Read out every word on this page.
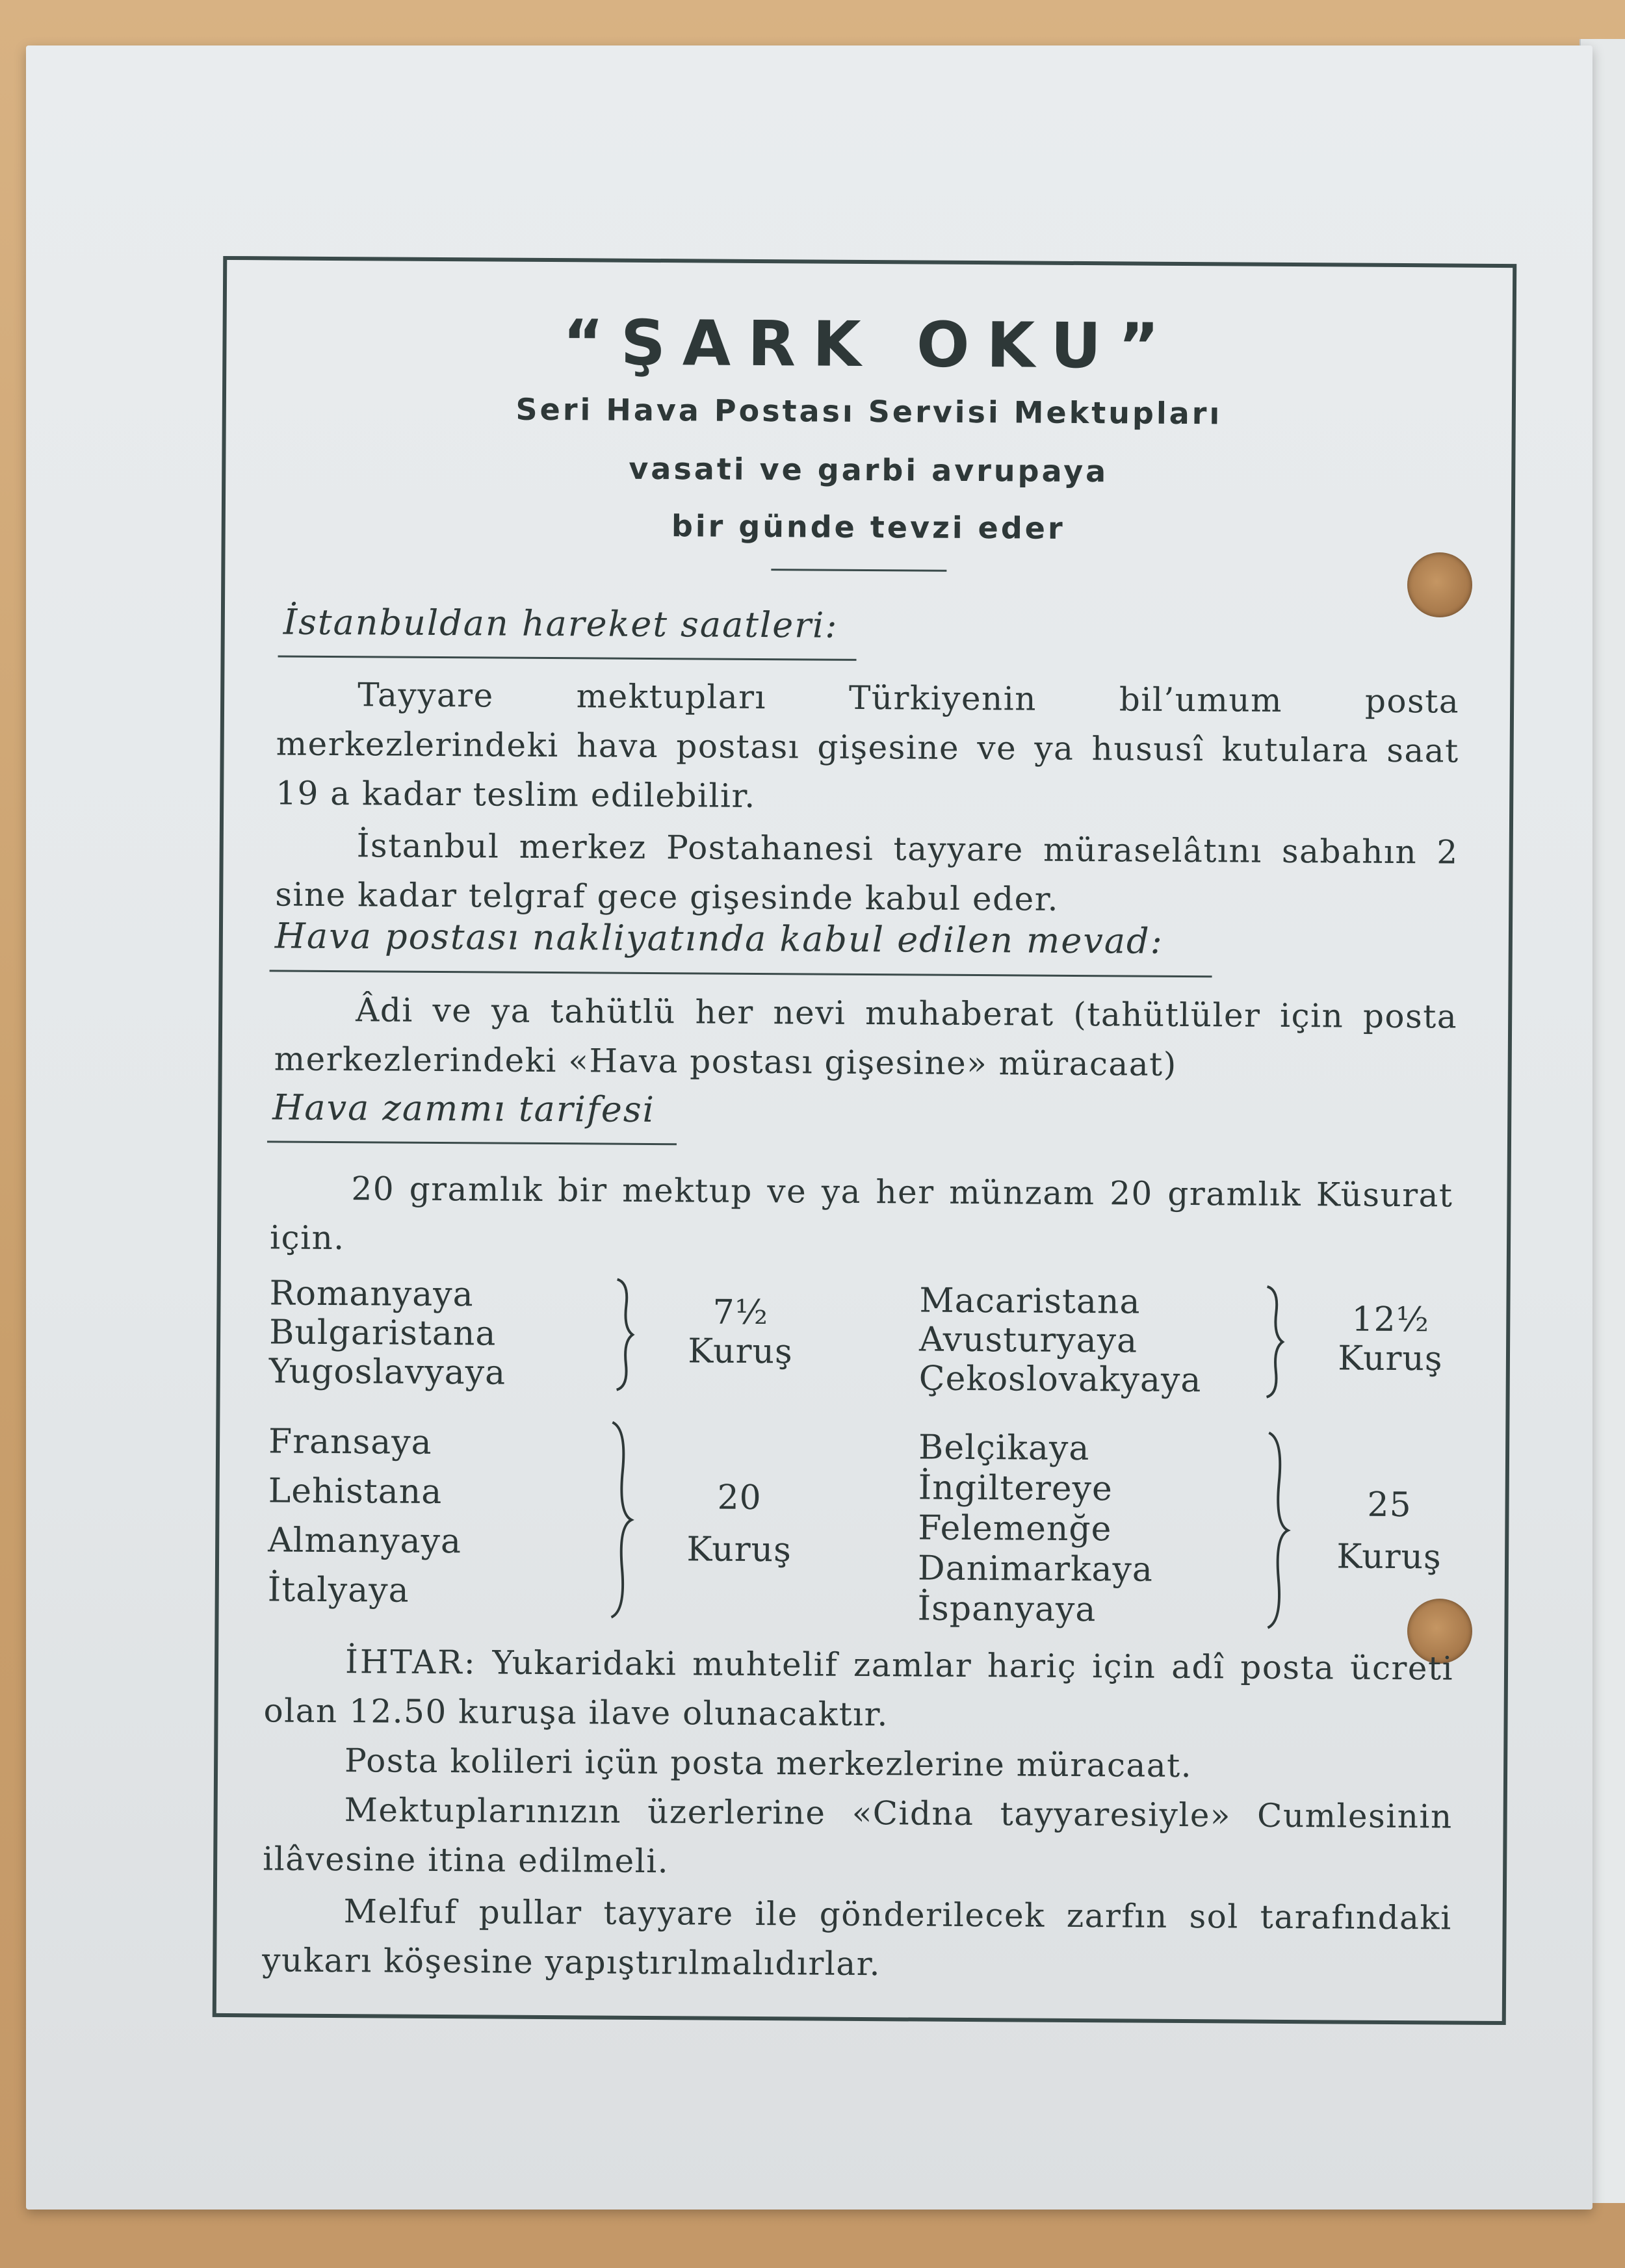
“ŞARK OKU”

Seri Hava Postası Servisi Mektupları

vasati ve garbi avrupaya

bir günde tevzi eder

İstanbuldan hareket saatleri:

Tayyare mektupları Türkiyenin bil’umum posta merkezlerindeki hava postası gişesine ve ya hususî kutulara saat 19 a kadar teslim edilebilir.

İstanbul merkez Postahanesi tayyare müraselâtını sabahın 2 sine kadar telgraf gece gişesinde kabul eder.

Hava postası nakliyatında kabul edilen mevad:

Âdi ve ya tahütlü her nevi muhaberat (tahütlüler için posta merkezlerindeki «Hava postası gişesine» müracaat)

Hava zammı tarifesi

20 gramlık bir mektup ve ya her münzam 20 gramlık Küsurat için.

Romanyaya
Bulgaristana
Yugoslavyaya
7½
Kuruş
Macaristana
Avusturyaya
Çekoslovakyaya
12½
Kuruş
Fransaya
Lehistana
Almanyaya
İtalyaya
20
Kuruş
Belçikaya
İngiltereye
Felemenğe
Danimarkaya
İspanyaya
25
Kuruş

İHTAR: Yukaridaki muhtelif zamlar hariç için adî posta ücreti olan 12.50 kuruşa ilave olunacaktır.

Posta kolileri içün posta merkezlerine müracaat.

Mektuplarınızın üzerlerine «Cidna tayyaresiyle» Cumlesinin ilâvesine itina edilmeli.

Melfuf pullar tayyare ile gönderilecek zarfın sol tarafındaki yukarı köşesine yapıştırılmalıdırlar.
